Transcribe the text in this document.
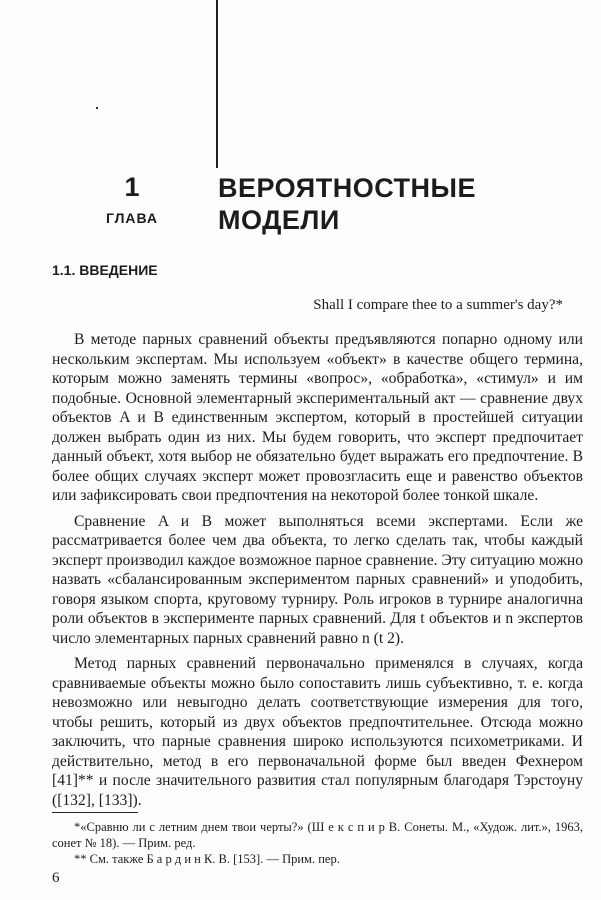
1
ГЛАВА
ВЕРОЯТНОСТНЫЕ
МОДЕЛИ
1.1. ВВЕДЕНИЕ

Shall I compare thee to a summer's day?*

В методе парных сравнений объекты предъявляются попарно одному или нескольким экспертам. Мы используем «объект» в качестве общего термина, которым можно заменять термины «вопрос», «обработка», «стимул» и им подобные. Основной элементарный экспериментальный акт — сравнение двух объектов A и B единственным экспертом, который в простейшей ситуации должен выбрать один из них. Мы будем говорить, что эксперт предпочитает данный объект, хотя выбор не обязательно будет выражать его предпочтение. В более общих случаях эксперт может провозгласить еще и равенство объектов или зафиксировать свои предпочтения на некоторой более тонкой шкале.

Сравнение A и B может выполняться всеми экспертами. Если же рассматривается более чем два объекта, то легко сделать так, чтобы каждый эксперт производил каждое возможное парное сравнение. Эту ситуацию можно назвать «сбалансированным экспериментом парных сравнений» и уподобить, говоря языком спорта, круговому турниру. Роль игроков в турнире аналогична роли объектов в эксперименте парных сравнений. Для t объектов и n экспертов число элементарных парных сравнений равно n (t 2).

Метод парных сравнений первоначально применялся в случаях, когда сравниваемые объекты можно было сопоставить лишь субъективно, т. е. когда невозможно или невыгодно делать соответствующие измерения для того, чтобы решить, который из двух объектов предпочтительнее. Отсюда можно заключить, что парные сравнения широко используются психометриками. И действительно, метод в его первоначальной форме был введен Фехнером [41]** и после значительного развития стал популярным благодаря Тэрстоуну ([132], [133]).

*«Сравню ли с летним днем твои черты?» (Ш е к с п и р В. Сонеты. М., «Худож. лит.», 1963, сонет № 18). — Прим. ред.

** См. также Б а р д и н К. В. [153]. — Прим. пер.

6
